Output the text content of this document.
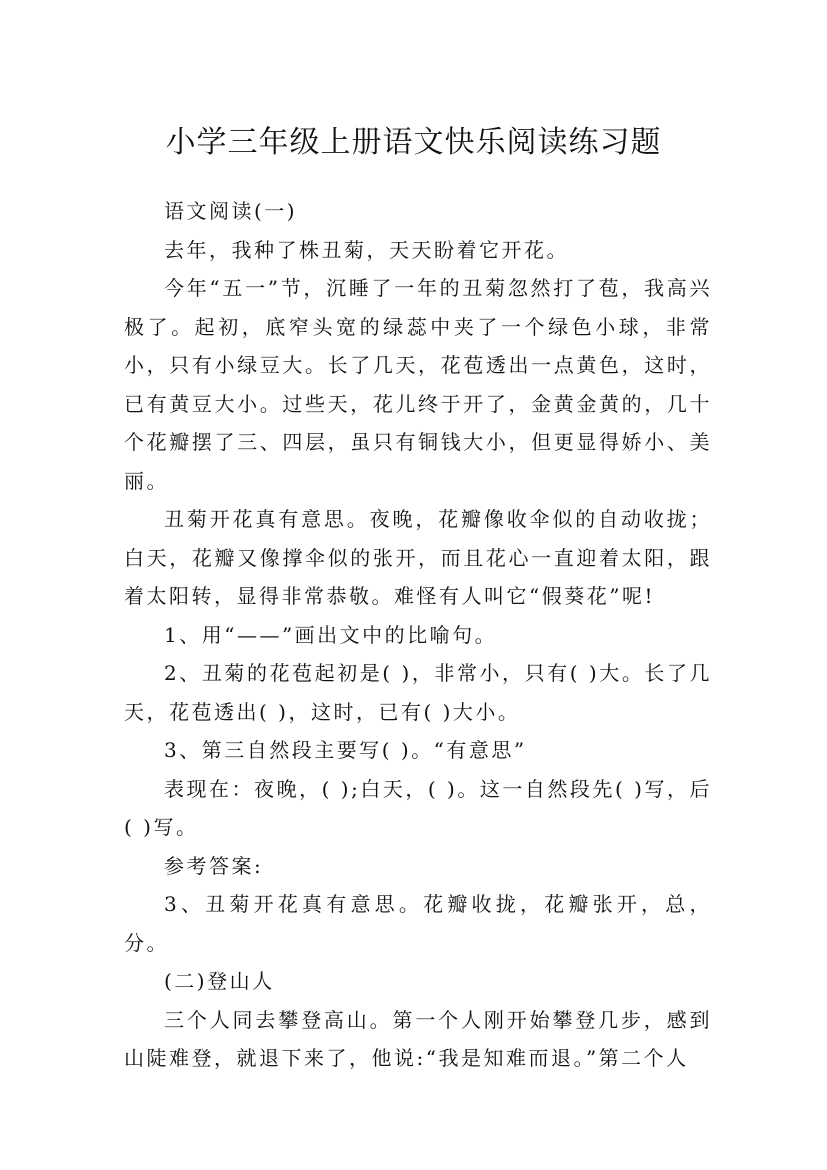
小学三年级上册语文快乐阅读练习题

语文阅读(一)

去年，我种了株丑菊，天天盼着它开花。

今年“五一”节，沉睡了一年的丑菊忽然打了苞，我高兴极了。起初，底窄头宽的绿蕊中夹了一个绿色小球，非常小，只有小绿豆大。长了几天，花苞透出一点黄色，这时，已有黄豆大小。过些天，花儿终于开了，金黄金黄的，几十个花瓣摆了三、四层，虽只有铜钱大小，但更显得娇小、美丽。

丑菊开花真有意思。夜晚，花瓣像收伞似的自动收拢；白天，花瓣又像撑伞似的张开，而且花心一直迎着太阳，跟着太阳转，显得非常恭敬。难怪有人叫它“假葵花”呢!

1、用“——”画出文中的比喻句。

2、丑菊的花苞起初是( )，非常小，只有( )大。长了几天，花苞透出( )，这时，已有( )大小。

3、第三自然段主要写( )。“有意思”

表现在：夜晚，( );白天，( )。这一自然段先( )写，后( )写。

参考答案:

3、丑菊开花真有意思。花瓣收拢，花瓣张开，总，分。

(二)登山人

三个人同去攀登高山。第一个人刚开始攀登几步，感到山陡难登，就退下来了，他说:“我是知难而退。”第二个人
